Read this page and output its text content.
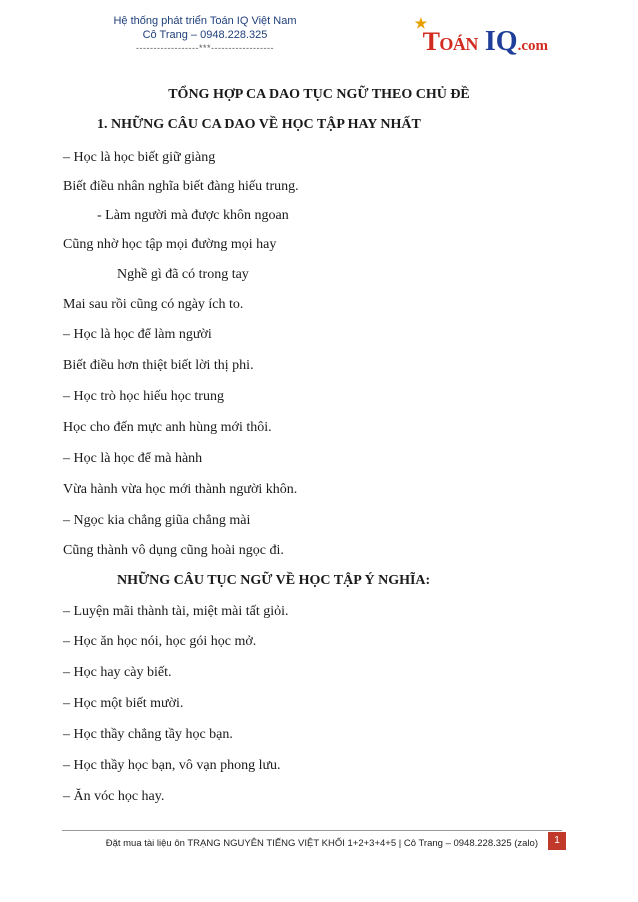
Hệ thống phát triển Toán IQ Việt Nam
Cô Trang – 0948.228.325
------------------***------------------
★
TOÁN IQ.com
TỔNG HỢP CA DAO TỤC NGỮ THEO CHỦ ĐỀ
1. NHỮNG CÂU CA DAO VỀ HỌC TẬP HAY NHẤT
– Học là học biết giữ giàng
Biết điều nhân nghĩa biết đàng hiếu trung.
- Làm người mà được khôn ngoan
Cũng nhờ học tập mọi đường mọi hay
Nghề gì đã có trong tay
Mai sau rồi cũng có ngày ích to.
– Học là học để làm người
Biết điều hơn thiệt biết lời thị phi.
– Học trò học hiếu học trung
Học cho đến mực anh hùng mới thôi.
– Học là học để mà hành
Vừa hành vừa học mới thành người khôn.
– Ngọc kia chẳng giũa chẳng mài
Cũng thành vô dụng cũng hoài ngọc đi.
NHỮNG CÂU TỤC NGỮ VỀ HỌC TẬP Ý NGHĨA:
– Luyện mãi thành tài, miệt mài tất giỏi.
– Học ăn học nói, học gói học mở.
– Học hay cày biết.
– Học một biết mười.
– Học thầy chẳng tầy học bạn.
– Học thầy học bạn, vô vạn phong lưu.
– Ăn vóc học hay.
Đặt mua tài liệu ôn TRẠNG NGUYÊN TIẾNG VIỆT KHỐI 1+2+3+4+5 | Cô Trang – 0948.228.325 (zalo)	1
